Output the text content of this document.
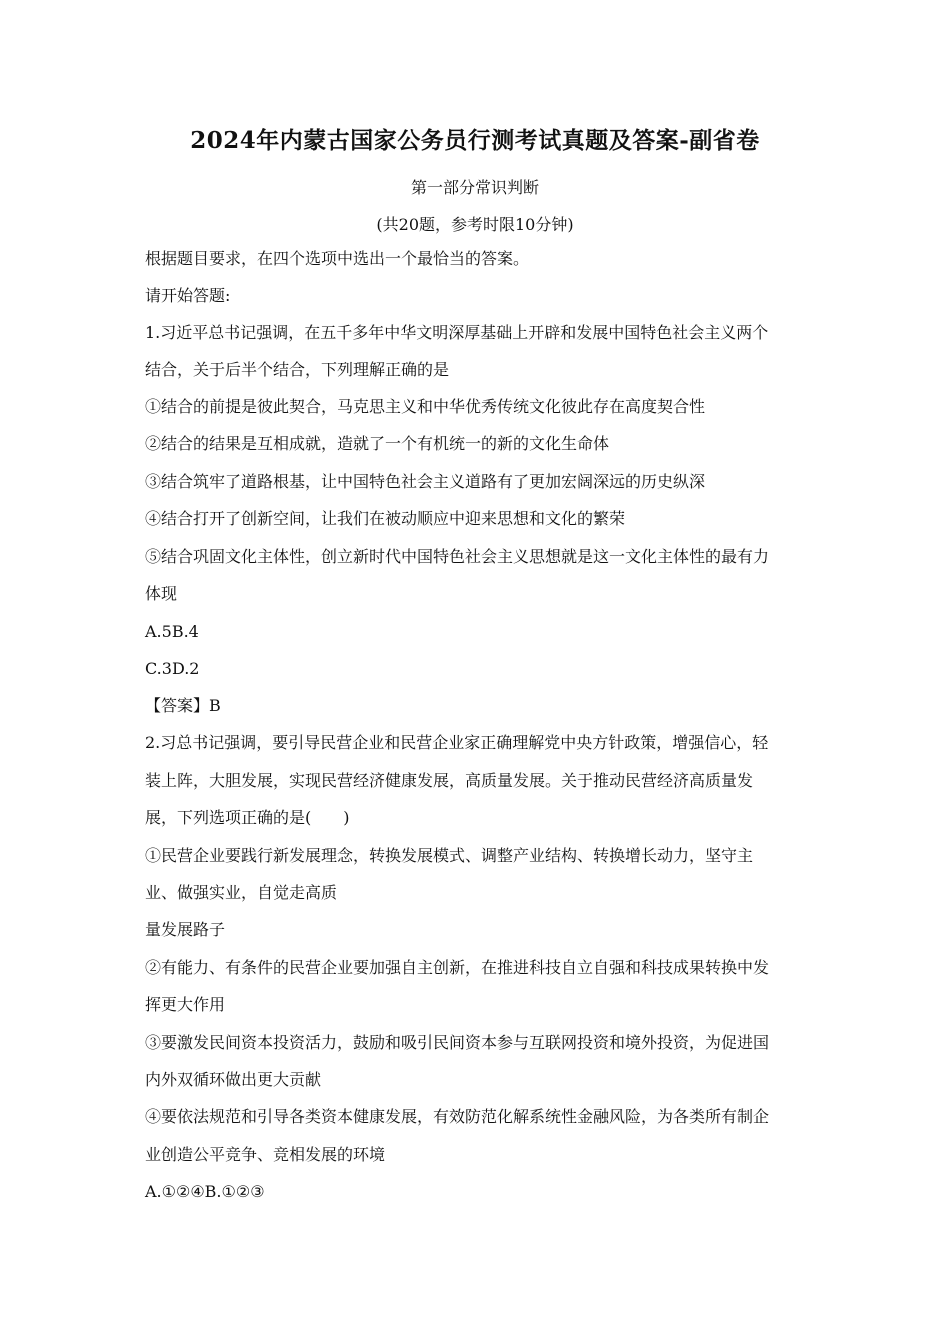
2024年内蒙古国家公务员行测考试真题及答案-副省卷
第一部分常识判断
(共20题，参考时限10分钟)
根据题目要求，在四个选项中选出一个最恰当的答案。
请开始答题:
1.习近平总书记强调，在五千多年中华文明深厚基础上开辟和发展中国特色社会主义两个
结合，关于后半个结合，下列理解正确的是
①结合的前提是彼此契合，马克思主义和中华优秀传统文化彼此存在高度契合性
②结合的结果是互相成就，造就了一个有机统一的新的文化生命体
③结合筑牢了道路根基，让中国特色社会主义道路有了更加宏阔深远的历史纵深
④结合打开了创新空间，让我们在被动顺应中迎来思想和文化的繁荣
⑤结合巩固文化主体性，创立新时代中国特色社会主义思想就是这一文化主体性的最有力
体现
A.5B.4
C.3D.2
【答案】B
2.习总书记强调，要引导民营企业和民营企业家正确理解党中央方针政策，增强信心，轻
装上阵，大胆发展，实现民营经济健康发展，高质量发展。关于推动民营经济高质量发
展，下列选项正确的是(　　)
①民营企业要践行新发展理念，转换发展模式、调整产业结构、转换增长动力，坚守主
业、做强实业，自觉走高质
量发展路子
②有能力、有条件的民营企业要加强自主创新，在推进科技自立自强和科技成果转换中发
挥更大作用
③要激发民间资本投资活力，鼓励和吸引民间资本参与互联网投资和境外投资，为促进国
内外双循环做出更大贡献
④要依法规范和引导各类资本健康发展，有效防范化解系统性金融风险，为各类所有制企
业创造公平竞争、竞相发展的环境
A.①②④B.①②③
